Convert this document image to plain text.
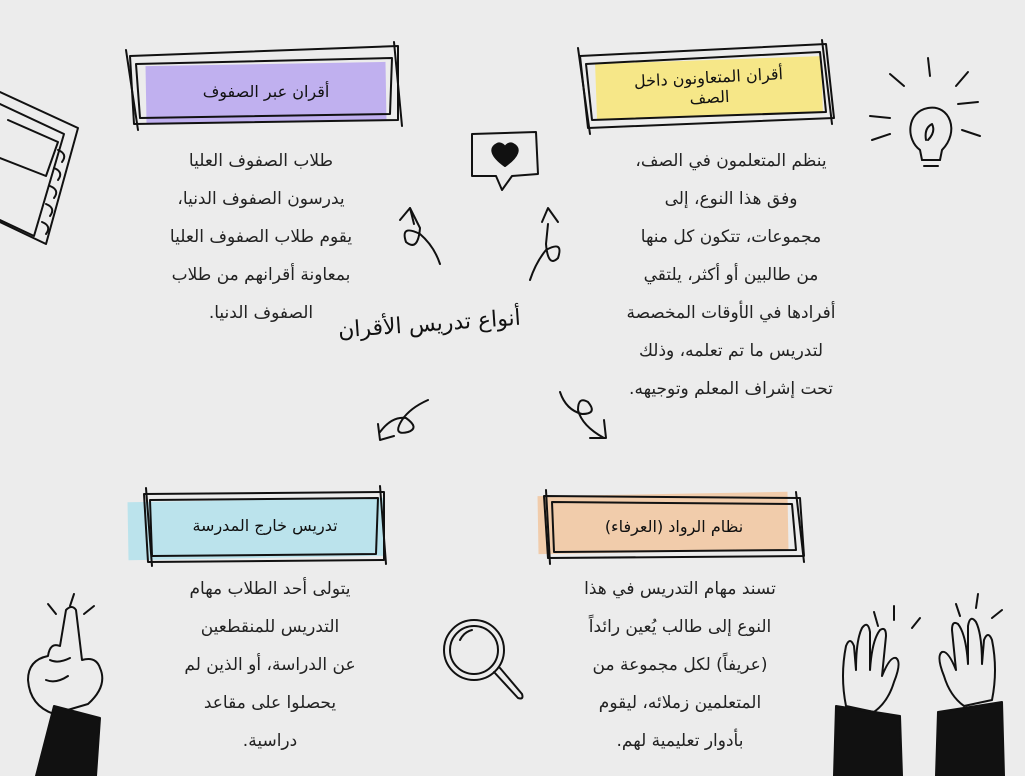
أقران عبر الصفوف
أقران المتعاونون داخل
الصف
تدريس خارج المدرسة	نظام الرواد (العرفاء)
أنواع تدريس الأقران
طلاب الصفوف العليا
يدرسون الصفوف الدنيا،
يقوم طلاب الصفوف العليا
بمعاونة أقرانهم من طلاب
الصفوف الدنيا.
ينظم المتعلمون في الصف،
وفق هذا النوع، إلى
مجموعات، تتكون كل منها
من طالبين أو أكثر، يلتقي
أفرادها في الأوقات المخصصة
لتدريس ما تم تعلمه، وذلك
تحت إشراف المعلم وتوجيهه.
يتولى أحد الطلاب مهام
التدريس للمنقطعين
عن الدراسة، أو الذين لم
يحصلوا على مقاعد
دراسية.
تسند مهام التدريس في هذا
النوع إلى طالب يُعين رائداً
(عريفاً) لكل مجموعة من
المتعلمين زملائه، ليقوم
بأدوار تعليمية لهم.
